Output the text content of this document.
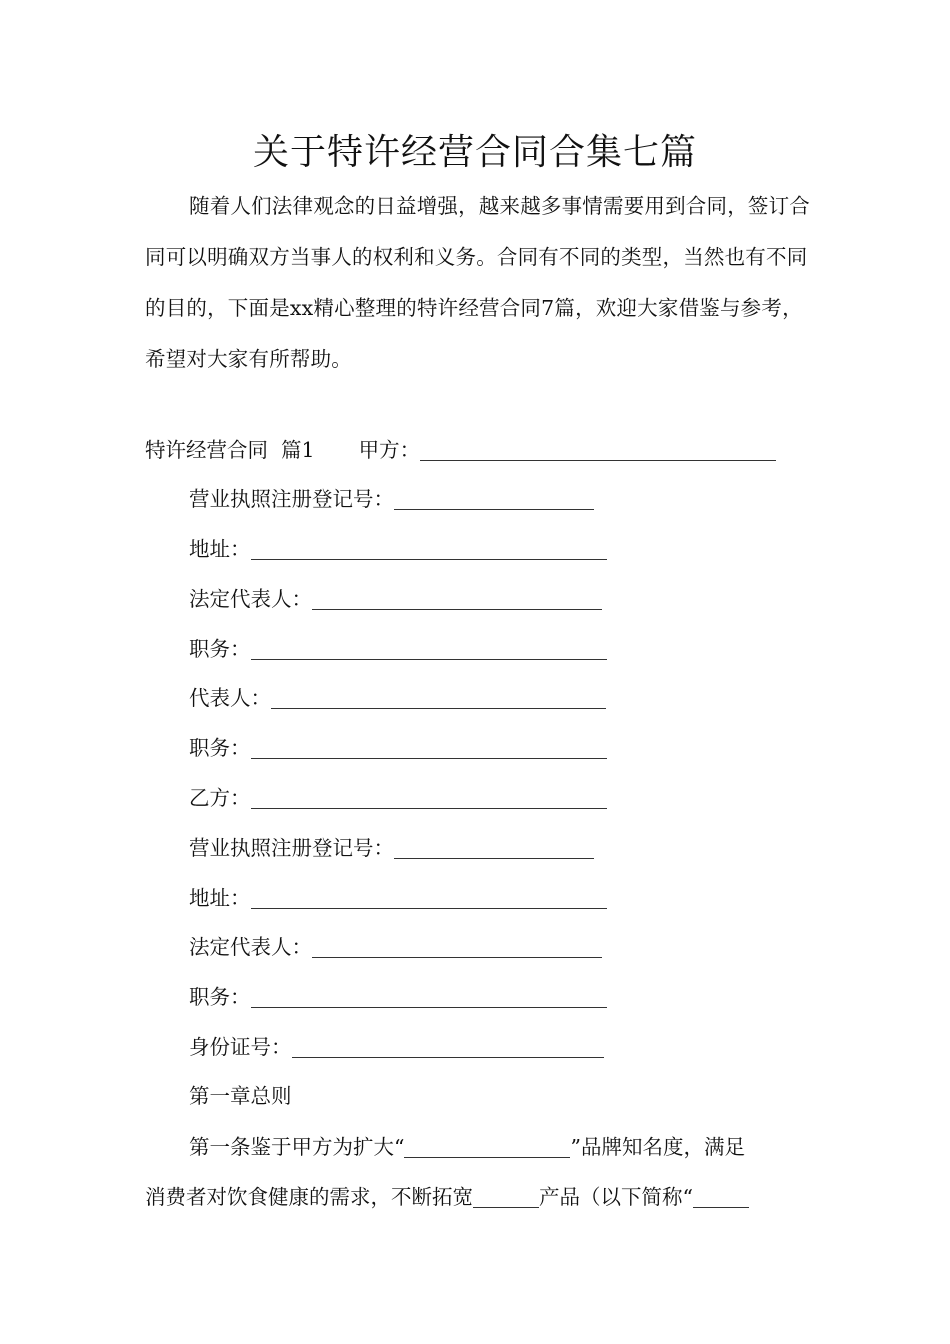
关于特许经营合同合集七篇

随着人们法律观念的日益增强，越来越多事情需要用到合同，签订合同可以明确双方当事人的权利和义务。合同有不同的类型，当然也有不同的目的，下面是xx精心整理的特许经营合同7篇，欢迎大家借鉴与参考，希望对大家有所帮助。

特许经营合同  篇1 甲方：
营业执照注册登记号：
地址：
法定代表人：
职务：
代表人：
职务：
乙方：
营业执照注册登记号：
地址：
法定代表人：
职务：
身份证号：
第一章总则
第一条鉴于甲方为扩大“	”品牌知名度，满足
消费者对饮食健康的需求，不断拓宽	产品（以下简称“
